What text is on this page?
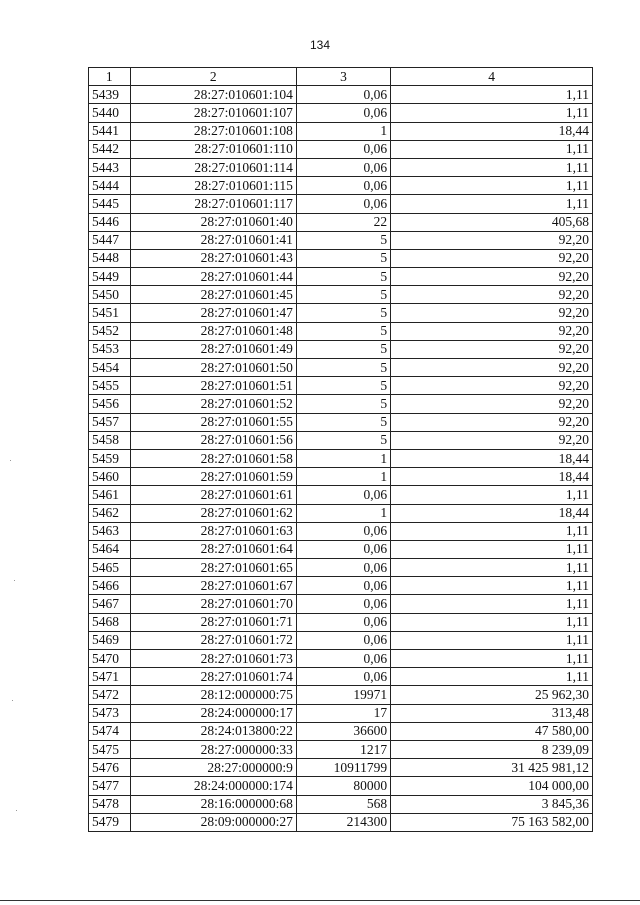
134
1	2	3	4
5439	28:27:010601:104	0,06	1,11
5440	28:27:010601:107	0,06	1,11
5441	28:27:010601:108	1	18,44
5442	28:27:010601:110	0,06	1,11
5443	28:27:010601:114	0,06	1,11
5444	28:27:010601:115	0,06	1,11
5445	28:27:010601:117	0,06	1,11
5446	28:27:010601:40	22	405,68
5447	28:27:010601:41	5	92,20
5448	28:27:010601:43	5	92,20
5449	28:27:010601:44	5	92,20
5450	28:27:010601:45	5	92,20
5451	28:27:010601:47	5	92,20
5452	28:27:010601:48	5	92,20
5453	28:27:010601:49	5	92,20
5454	28:27:010601:50	5	92,20
5455	28:27:010601:51	5	92,20
5456	28:27:010601:52	5	92,20
5457	28:27:010601:55	5	92,20
5458	28:27:010601:56	5	92,20
5459	28:27:010601:58	1	18,44
5460	28:27:010601:59	1	18,44
5461	28:27:010601:61	0,06	1,11
5462	28:27:010601:62	1	18,44
5463	28:27:010601:63	0,06	1,11
5464	28:27:010601:64	0,06	1,11
5465	28:27:010601:65	0,06	1,11
5466	28:27:010601:67	0,06	1,11
5467	28:27:010601:70	0,06	1,11
5468	28:27:010601:71	0,06	1,11
5469	28:27:010601:72	0,06	1,11
5470	28:27:010601:73	0,06	1,11
5471	28:27:010601:74	0,06	1,11
5472	28:12:000000:75	19971	25 962,30
5473	28:24:000000:17	17	313,48
5474	28:24:013800:22	36600	47 580,00
5475	28:27:000000:33	1217	8 239,09
5476	28:27:000000:9	10911799	31 425 981,12
5477	28:24:000000:174	80000	104 000,00
5478	28:16:000000:68	568	3 845,36
5479	28:09:000000:27	214300	75 163 582,00
